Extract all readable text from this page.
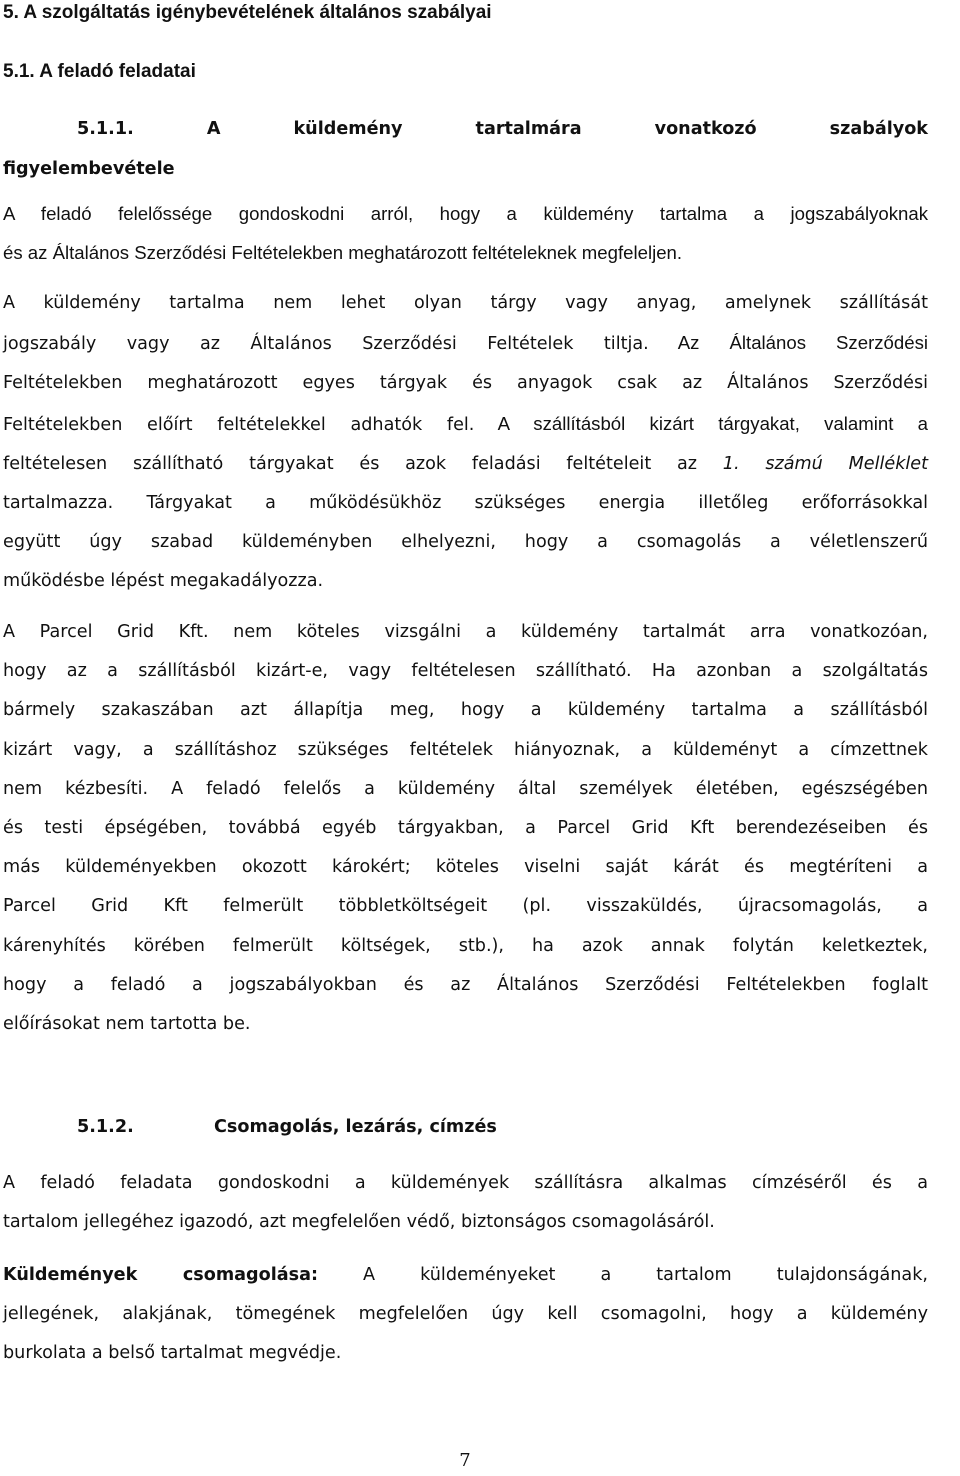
5. A szolgáltatás igénybevételének általános szabályai
5.1. A feladó feladatai
5.1.1.	A	küldemény	tartalmára	vonatkozó	szabályok
figyelembevétele

A feladó felelőssége gondoskodni arról, hogy a küldemény tartalma a jogszabályoknak
és az Általános Szerződési Feltételekben meghatározott feltételeknek megfeleljen.

A küldemény tartalma nem lehet olyan tárgy vagy anyag, amelynek szállítását
jogszabály vagy az Általános Szerződési Feltételek tiltja. Az Általános Szerződési
Feltételekben meghatározott egyes tárgyak és anyagok csak az Általános Szerződési
Feltételekben előírt feltételekkel adhatók fel. A szállításból kizárt tárgyakat, valamint a
feltételesen szállítható tárgyakat és azok feladási feltételeit az 1. számú Melléklet
tartalmazza. Tárgyakat a működésükhöz szükséges energia illetőleg erőforrásokkal
együtt úgy szabad küldeményben elhelyezni, hogy a csomagolás a véletlenszerű
működésbe lépést megakadályozza.

A Parcel Grid Kft. nem köteles vizsgálni a küldemény tartalmát arra vonatkozóan,
hogy az a szállításból kizárt-e, vagy feltételesen szállítható. Ha azonban a szolgáltatás
bármely szakaszában azt állapítja meg, hogy a küldemény tartalma a szállításból
kizárt vagy, a szállításhoz szükséges feltételek hiányoznak, a küldeményt a címzettnek
nem kézbesíti. A feladó felelős a küldemény által személyek életében, egészségében
és testi épségében, továbbá egyéb tárgyakban, a Parcel Grid Kft berendezéseiben és
más küldeményekben okozott károkért; köteles viselni saját kárát és megtéríteni a
Parcel Grid Kft felmerült többletköltségeit (pl. visszaküldés, újracsomagolás, a
kárenyhítés körében felmerült költségek, stb.), ha azok annak folytán keletkeztek,
hogy a feladó a jogszabályokban és az Általános Szerződési Feltételekben foglalt
előírásokat nem tartotta be.

5.1.2.	Csomagolás, lezárás, címzés

A feladó feladata gondoskodni a küldemények szállításra alkalmas címzéséről és a
tartalom jellegéhez igazodó, azt megfelelően védő, biztonságos csomagolásáról.

Küldemények csomagolása: A küldeményeket a tartalom tulajdonságának,
jellegének, alakjának, tömegének megfelelően úgy kell csomagolni, hogy a küldemény
burkolata a belső tartalmat megvédje.

7
